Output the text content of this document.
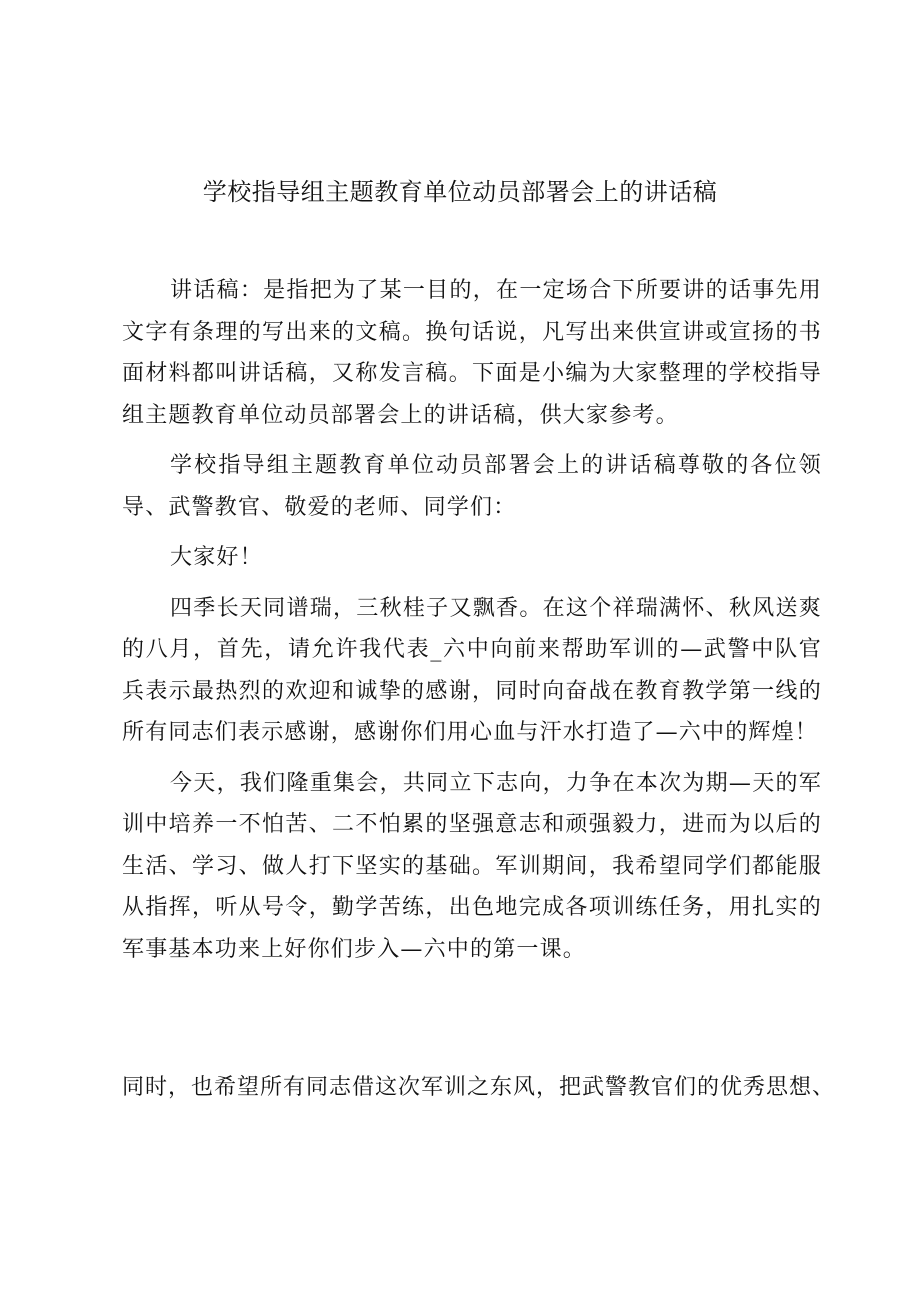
学校指导组主题教育单位动员部署会上的讲话稿

讲话稿：是指把为了某一目的，在一定场合下所要讲的话事先用文字有条理的写出来的文稿。换句话说，凡写出来供宣讲或宣扬的书面材料都叫讲话稿，又称发言稿。下面是小编为大家整理的学校指导组主题教育单位动员部署会上的讲话稿，供大家参考。

学校指导组主题教育单位动员部署会上的讲话稿尊敬的各位领导、武警教官、敬爱的老师、同学们：

大家好！

四季长天同谱瑞，三秋桂子又飘香。在这个祥瑞满怀、秋风送爽的八月，首先，请允许我代表_六中向前来帮助军训的—武警中队官兵表示最热烈的欢迎和诚挚的感谢，同时向奋战在教育教学第一线的所有同志们表示感谢，感谢你们用心血与汗水打造了—六中的辉煌！

今天，我们隆重集会，共同立下志向，力争在本次为期—天的军训中培养一不怕苦、二不怕累的坚强意志和顽强毅力，进而为以后的生活、学习、做人打下坚实的基础。军训期间，我希望同学们都能服从指挥，听从号令，勤学苦练，出色地完成各项训练任务，用扎实的军事基本功来上好你们步入—六中的第一课。

同时，也希望所有同志借这次军训之东风，把武警教官们的优秀思想、
